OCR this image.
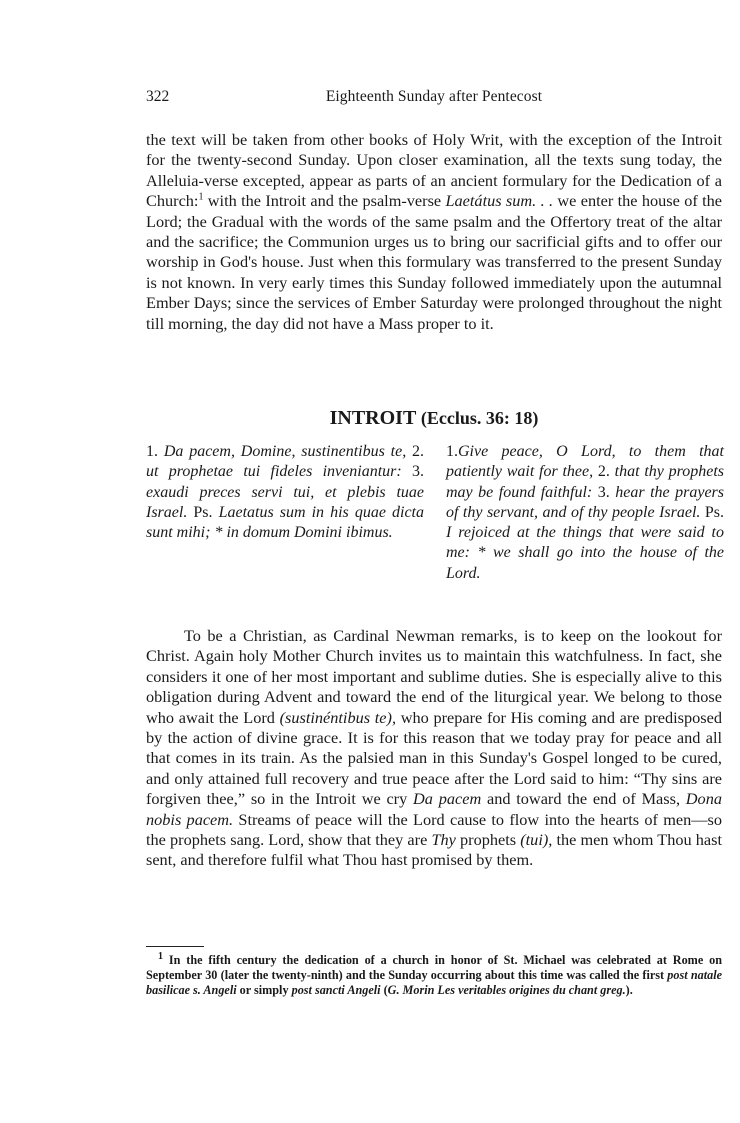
322	Eighteenth Sunday after Pentecost
the text will be taken from other books of Holy Writ, with the exception of the Introit for the twenty-second Sunday. Upon closer examination, all the texts sung today, the Alleluia-verse excepted, appear as parts of an ancient formulary for the Dedication of a Church:$^1$ with the Introit and the psalm-verse Laetátus sum. . . we enter the house of the Lord; the Gradual with the words of the same psalm and the Offertory treat of the altar and the sacrifice; the Communion urges us to bring our sacrificial gifts and to offer our worship in God's house. Just when this formulary was transferred to the present Sunday is not known. In very early times this Sunday followed immediately upon the autumnal Ember Days; since the services of Ember Saturday were prolonged throughout the night till morning, the day did not have a Mass proper to it.
INTROIT (Ecclus. 36: 18)
1. Da pacem, Domine, sustinentibus te, 2. ut prophetae tui fideles inveniantur: 3. exaudi preces servi tui, et plebis tuae Israel. Ps. Laetatus sum in his quae dicta sunt mihi; * in domum Domini ibimus.
1.Give peace, O Lord, to them that patiently wait for thee, 2. that thy prophets may be found faithful: 3. hear the prayers of thy servant, and of thy people Israel. Ps. I rejoiced at the things that were said to me: * we shall go into the house of the Lord.
To be a Christian, as Cardinal Newman remarks, is to keep on the lookout for Christ. Again holy Mother Church invites us to maintain this watchfulness. In fact, she considers it one of her most important and sublime duties. She is especially alive to this obligation during Advent and toward the end of the liturgical year. We belong to those who await the Lord (sustinéntibus te), who prepare for His coming and are predisposed by the action of divine grace. It is for this reason that we today pray for peace and all that comes in its train. As the palsied man in this Sunday's Gospel longed to be cured, and only attained full recovery and true peace after the Lord said to him: “Thy sins are forgiven thee,” so in the Introit we cry Da pacem and toward the end of Mass, Dona nobis pacem. Streams of peace will the Lord cause to flow into the hearts of men—so the prophets sang. Lord, show that they are Thy prophets (tui), the men whom Thou hast sent, and therefore fulfil what Thou hast promised by them.
$^1$ In the fifth century the dedication of a church in honor of St. Michael was celebrated at Rome on September 30 (later the twenty-ninth) and the Sunday occurring about this time was called the first post natale basilicae s. Angeli or simply post sancti Angeli (G. Morin Les veritables origines du chant greg.).
